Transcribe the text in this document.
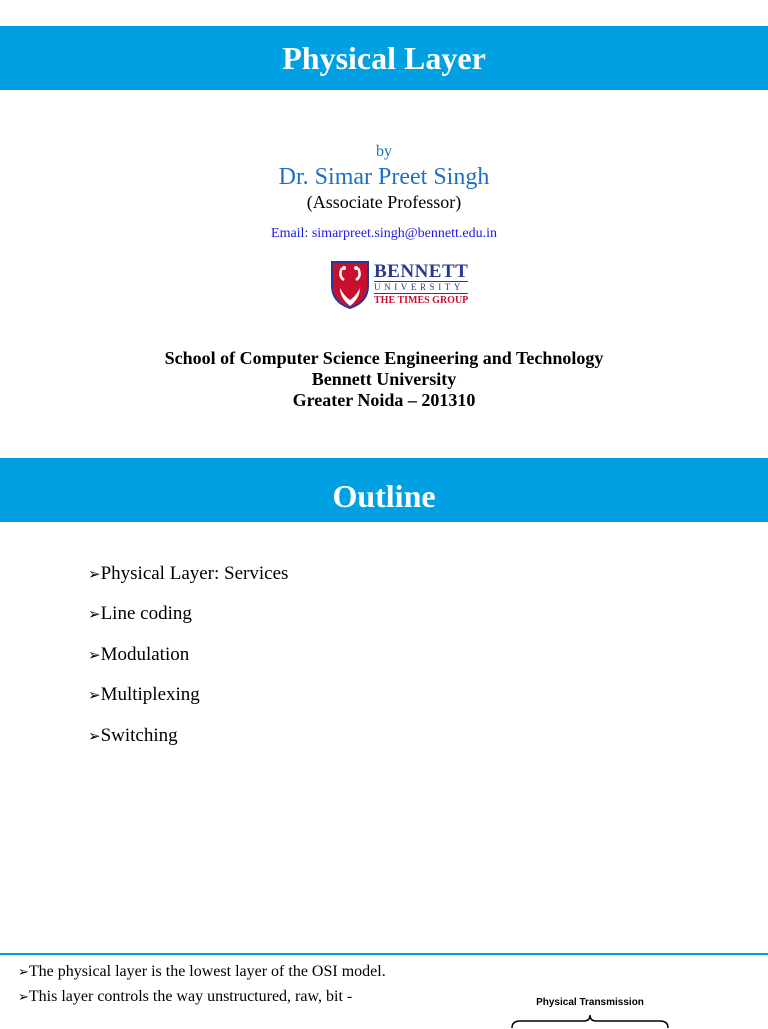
Physical Layer
by
Dr. Simar Preet Singh
(Associate Professor)
Email: simarpreet.singh@bennett.edu.in
BENNETT
UNIVERSITY
THE TIMES GROUP
School of Computer Science Engineering and Technology
Bennett University
Greater Noida – 201310
Outline
➢Physical Layer: Services
➢Line coding
➢Modulation
➢Multiplexing
➢Switching
➢The physical layer is the lowest layer of the OSI model.
➢This layer controls the way unstructured, raw, bit -	Physical Transmission
